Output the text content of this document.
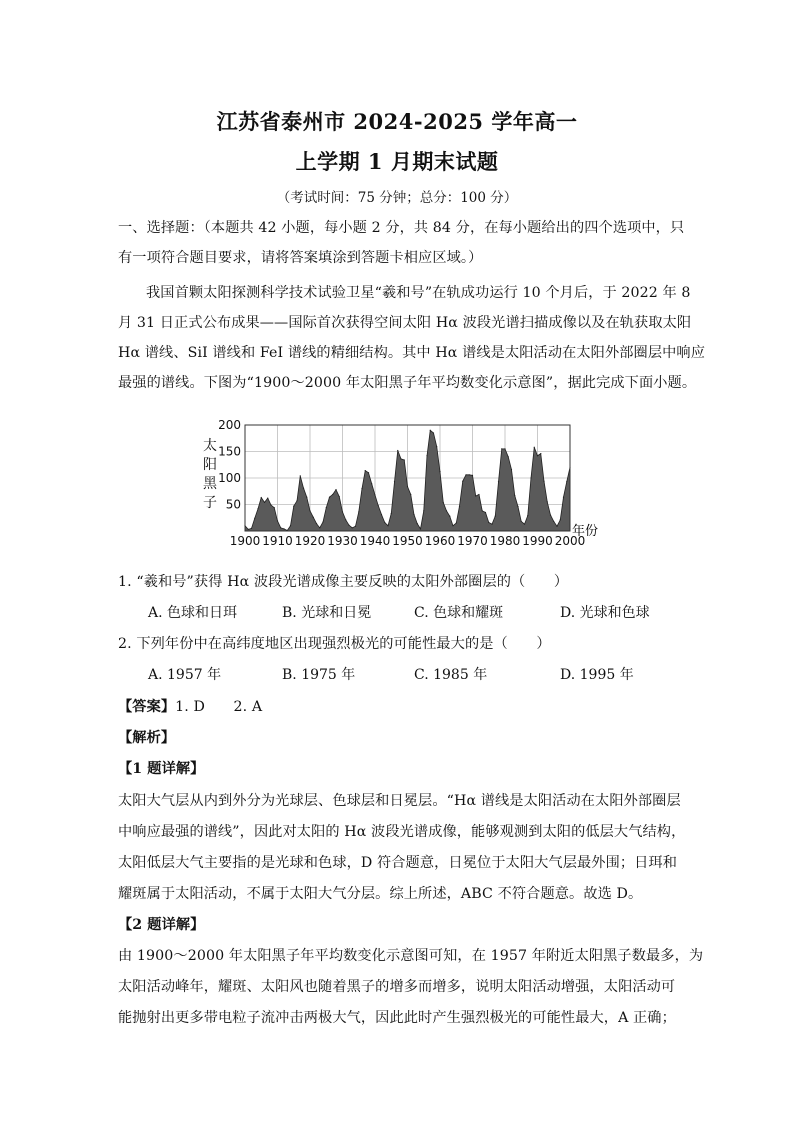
江苏省泰州市 2024-2025 学年高一
上学期 1 月期末试题
（考试时间：75 分钟；总分：100 分）
一、选择题：（本题共 42 小题，每小题 2 分，共 84 分，在每小题给出的四个选项中，只
有一项符合题目要求，请将答案填涂到答题卡相应区域。）
我国首颗太阳探测科学技术试验卫星“羲和号”在轨成功运行 10 个月后，于 2022 年 8
月 31 日正式公布成果——国际首次获得空间太阳 Hα 波段光谱扫描成像以及在轨获取太阳
Hα 谱线、SiⅠ 谱线和 FeⅠ 谱线的精细结构。其中 Hα 谱线是太阳活动在太阳外部圈层中响应
最强的谱线。下图为“1900～2000 年太阳黑子年平均数变化示意图”，据此完成下面小题。
200
150
100
50
1900 1910 1920 1930 1940 1950 1960 1970 1980 1990 2000
太
阳
黑
子
年份
1. “羲和号”获得 Hα 波段光谱成像主要反映的太阳外部圈层的（　　）
A. 色球和日珥	B. 光球和日冕	C. 色球和耀斑	D. 光球和色球
2. 下列年份中在高纬度地区出现强烈极光的可能性最大的是（　　）
A. 1957 年	B. 1975 年	C. 1985 年	D. 1995 年
【答案】1. D　　2. A
【解析】
【1 题详解】
太阳大气层从内到外分为光球层、色球层和日冕层。“Hα 谱线是太阳活动在太阳外部圈层
中响应最强的谱线”，因此对太阳的 Hα 波段光谱成像，能够观测到太阳的低层大气结构，
太阳低层大气主要指的是光球和色球，D 符合题意，日冕位于太阳大气层最外围；日珥和
耀斑属于太阳活动，不属于太阳大气分层。综上所述，ABC 不符合题意。故选 D。
【2 题详解】
由 1900～2000 年太阳黑子年平均数变化示意图可知，在 1957 年附近太阳黑子数最多，为
太阳活动峰年，耀斑、太阳风也随着黑子的增多而增多，说明太阳活动增强，太阳活动可
能抛射出更多带电粒子流冲击两极大气，因此此时产生强烈极光的可能性最大，A 正确；
